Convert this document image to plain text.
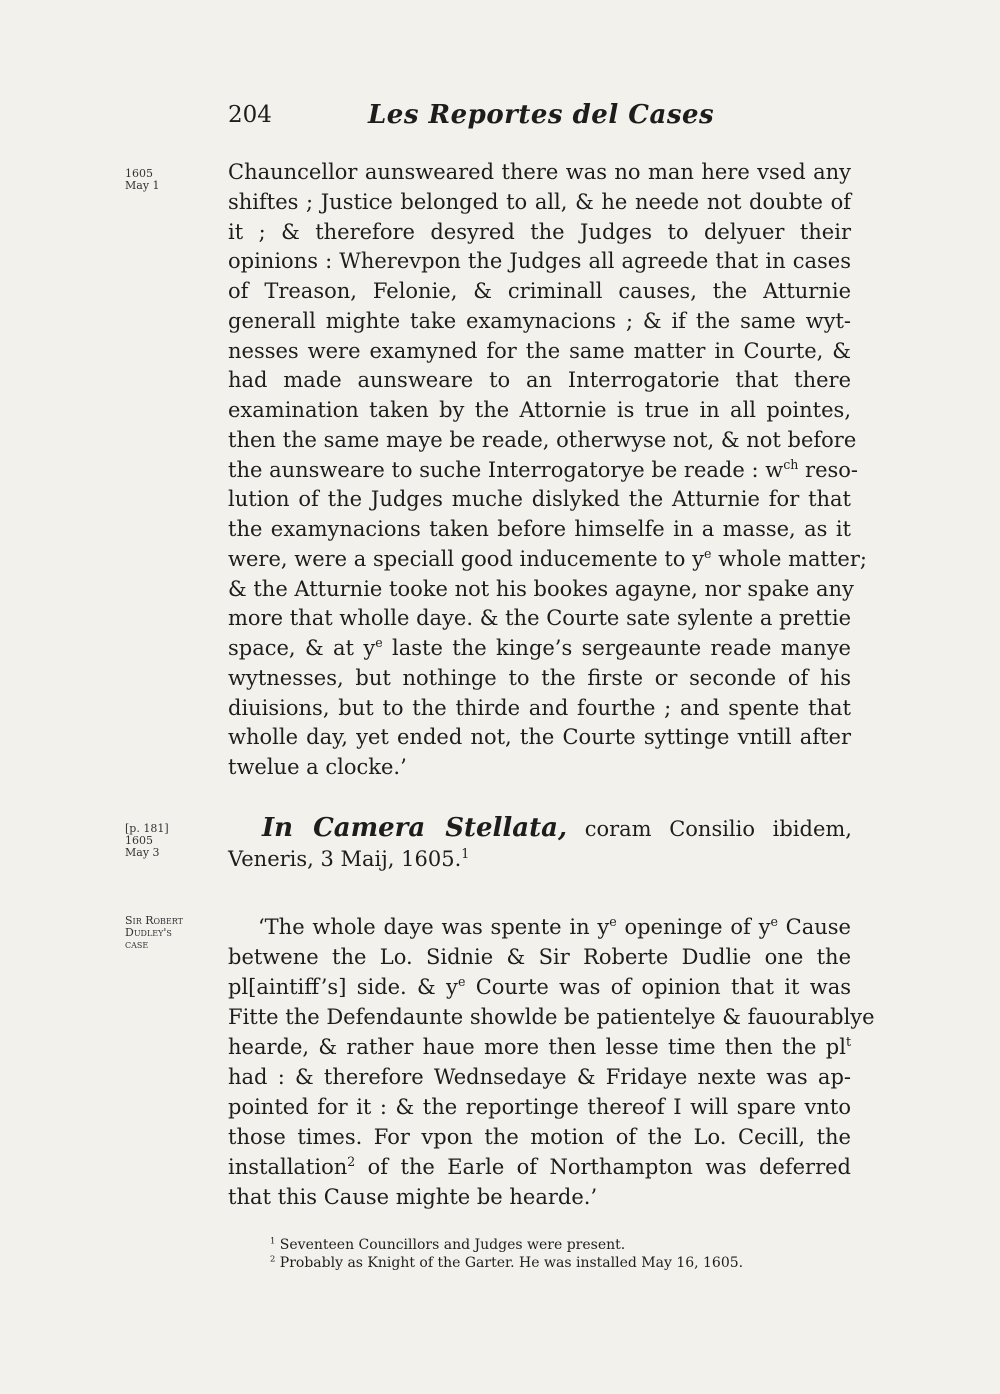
204	Les Reportes del Cases
1605
May 1
Chauncellor aunsweared there was no man here vsed any
shiftes ; Justice belonged to all, & he neede not doubte of
it ; & therefore desyred the Judges to delyuer their
opinions : Wherevpon the Judges all agreede that in cases
of Treason, Felonie, & criminall causes, the Atturnie
generall mighte take examynacions ; & if the same wyt-
nesses were examyned for the same matter in Courte, &
had made aunsweare to an Interrogatorie that there
examination taken by the Attornie is true in all pointes,
then the same maye be reade, otherwyse not, & not before
the aunsweare to suche Interrogatorye be reade : $w^{ch}$ reso-
lution of the Judges muche dislyked the Atturnie for that
the examynacions taken before himselfe in a masse, as it
were, were a speciall good inducemente to $y^e$ whole matter;
& the Atturnie tooke not his bookes agayne, nor spake any
more that wholle daye. & the Courte sate sylente a prettie
space, & at $y^e$ laste the kinge’s sergeaunte reade manye
wytnesses, but nothinge to the firste or seconde of his
diuisions, but to the thirde and fourthe ; and spente that
wholle day, yet ended not, the Courte syttinge vntill after
twelue a clocke.’
[p. 181]
1605
May 3
In Camera Stellata, coram Consilio ibidem,
Veneris, 3 Maij, 1605.$^1$
Sir Robert
Dudley's
case
‘The whole daye was spente in $y^e$ openinge of $y^e$ Cause
betwene the Lo. Sidnie & Sir Roberte Dudlie one the
pl[aintiff’s] side. & $y^e$ Courte was of opinion that it was
Fitte the Defendaunte showlde be patientelye & fauourablye
hearde, & rather haue more then lesse time then the $pl^t$
had : & therefore Wednsedaye & Fridaye nexte was ap-
pointed for it : & the reportinge thereof I will spare vnto
those times. For vpon the motion of the Lo. Cecill, the
installation$^2$ of the Earle of Northampton was deferred
that this Cause mighte be hearde.’
$^1$ Seventeen Councillors and Judges were present.
$^2$ Probably as Knight of the Garter. He was installed May 16, 1605.
